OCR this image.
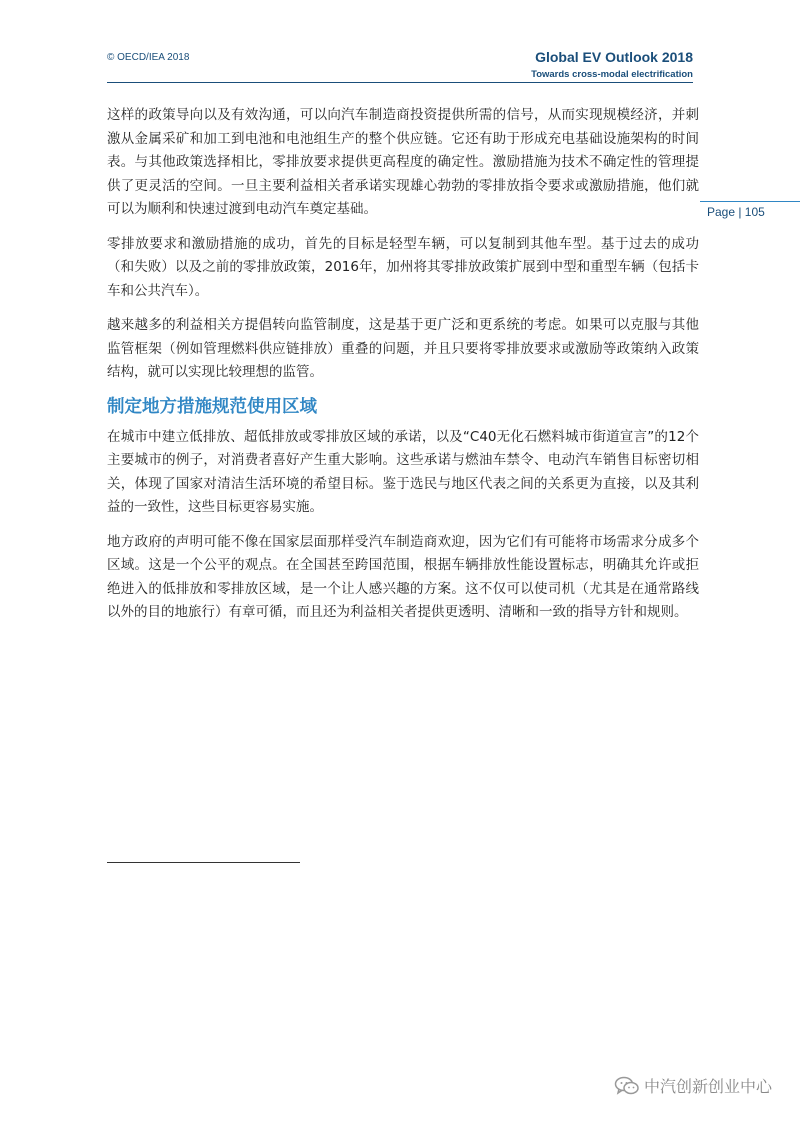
© OECD/IEA 2018	Global EV Outlook 2018
Towards cross-modal electrification
Page | 105

这样的政策导向以及有效沟通，可以向汽车制造商投资提供所需的信号，从而实现规模经济，并刺激从金属采矿和加工到电池和电池组生产的整个供应链。它还有助于形成充电基础设施架构的时间表。与其他政策选择相比，零排放要求提供更高程度的确定性。激励措施为技术不确定性的管理提供了更灵活的空间。一旦主要利益相关者承诺实现雄心勃勃的零排放指令要求或激励措施，他们就可以为顺利和快速过渡到电动汽车奠定基础。

零排放要求和激励措施的成功，首先的目标是轻型车辆，可以复制到其他车型。基于过去的成功（和失败）以及之前的零排放政策，2016年，加州将其零排放政策扩展到中型和重型车辆（包括卡车和公共汽车）。

越来越多的利益相关方提倡转向监管制度，这是基于更广泛和更系统的考虑。如果可以克服与其他监管框架（例如管理燃料供应链排放）重叠的问题，并且只要将零排放要求或激励等政策纳入政策结构，就可以实现比较理想的监管。

制定地方措施规范使用区域

在城市中建立低排放、超低排放或零排放区域的承诺，以及“C40无化石燃料城市街道宣言”的12个主要城市的例子，对消费者喜好产生重大影响。这些承诺与燃油车禁令、电动汽车销售目标密切相关，体现了国家对清洁生活环境的希望目标。鉴于选民与地区代表之间的关系更为直接，以及其利益的一致性，这些目标更容易实施。

地方政府的声明可能不像在国家层面那样受汽车制造商欢迎，因为它们有可能将市场需求分成多个区域。这是一个公平的观点。在全国甚至跨国范围，根据车辆排放性能设置标志，明确其允许或拒绝进入的低排放和零排放区域，是一个让人感兴趣的方案。这不仅可以使司机（尤其是在通常路线以外的目的地旅行）有章可循，而且还为利益相关者提供更透明、清晰和一致的指导方针和规则。

中汽创新创业中心
